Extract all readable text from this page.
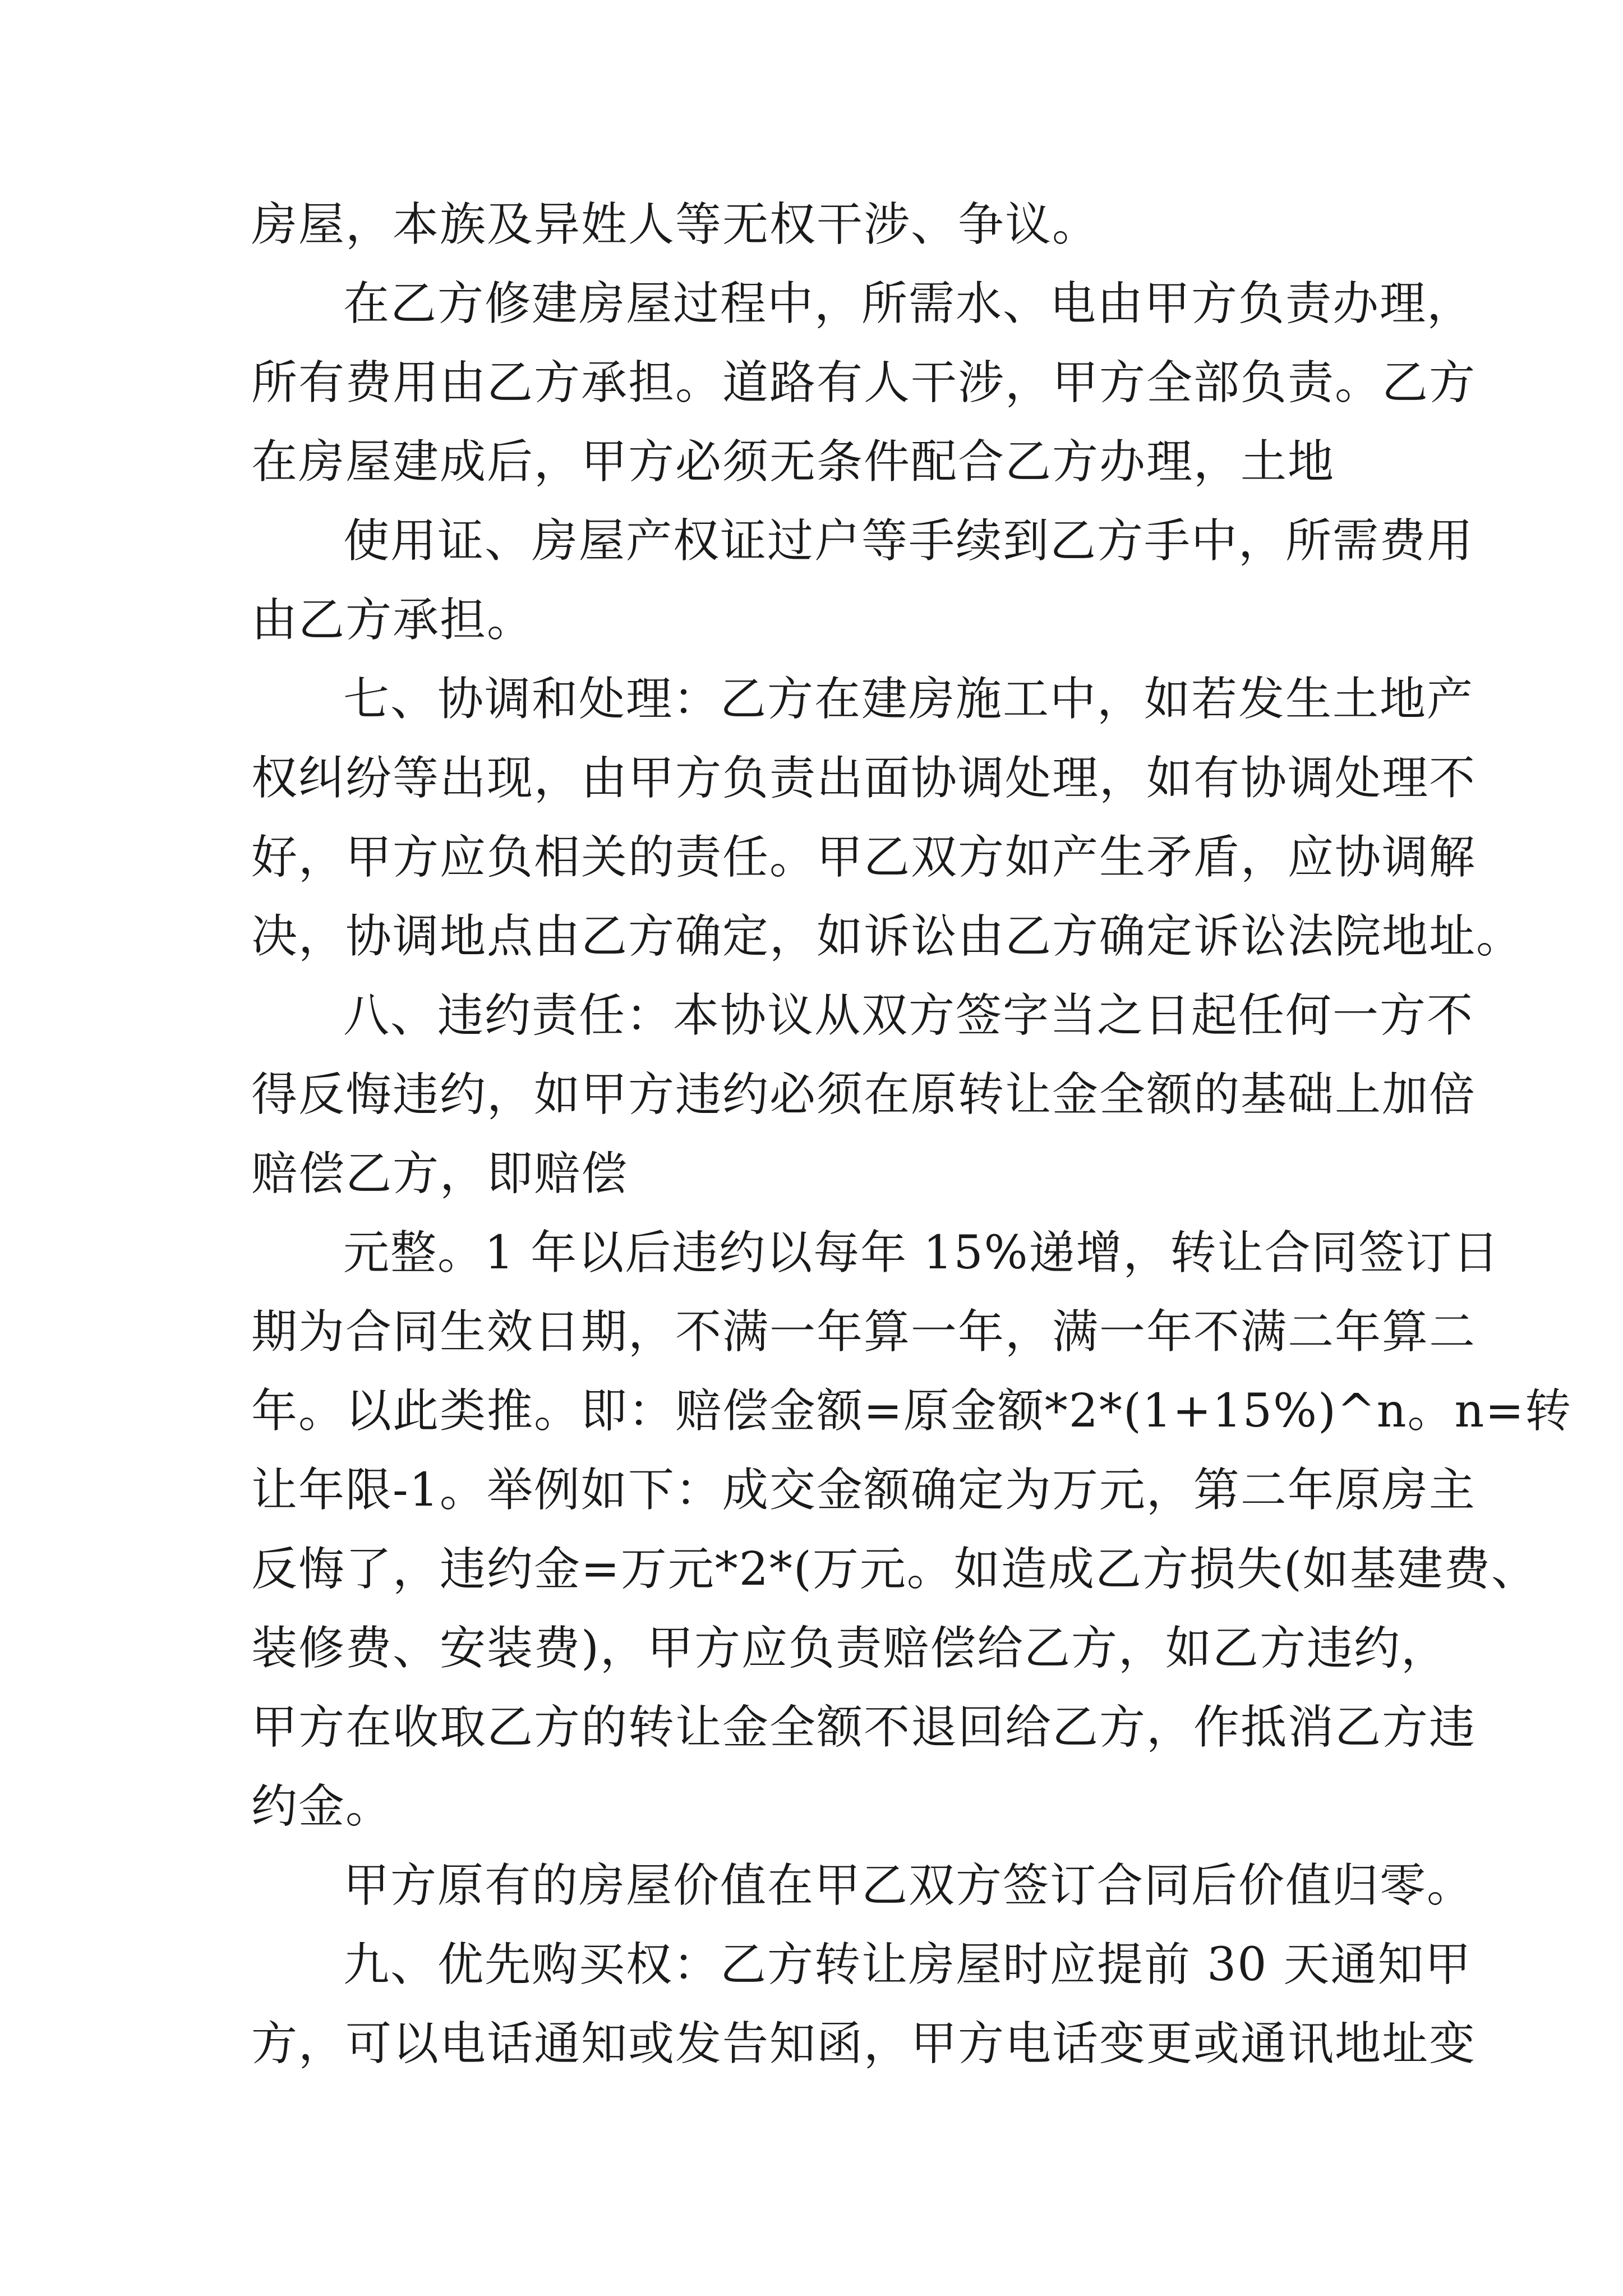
房屋，本族及异姓人等无权干涉、争议。
在乙方修建房屋过程中，所需水、电由甲方负责办理，
所有费用由乙方承担。道路有人干涉，甲方全部负责。乙方
在房屋建成后，甲方必须无条件配合乙方办理，土地
使用证、房屋产权证过户等手续到乙方手中，所需费用
由乙方承担。
七、协调和处理：乙方在建房施工中，如若发生土地产
权纠纷等出现，由甲方负责出面协调处理，如有协调处理不
好，甲方应负相关的责任。甲乙双方如产生矛盾，应协调解
决，协调地点由乙方确定，如诉讼由乙方确定诉讼法院地址。
八、违约责任：本协议从双方签字当之日起任何一方不
得反悔违约，如甲方违约必须在原转让金全额的基础上加倍
赔偿乙方，即赔偿
元整。1 年以后违约以每年 15%递增，转让合同签订日
期为合同生效日期，不满一年算一年，满一年不满二年算二
年。以此类推。即：赔偿金额=原金额*2*(1+15%)^n。n=转
让年限-1。举例如下：成交金额确定为万元，第二年原房主
反悔了，违约金=万元*2*(万元。如造成乙方损失(如基建费、
装修费、安装费)，甲方应负责赔偿给乙方，如乙方违约，
甲方在收取乙方的转让金全额不退回给乙方，作抵消乙方违
约金。
甲方原有的房屋价值在甲乙双方签订合同后价值归零。
九、优先购买权：乙方转让房屋时应提前 30 天通知甲
方，可以电话通知或发告知函，甲方电话变更或通讯地址变
